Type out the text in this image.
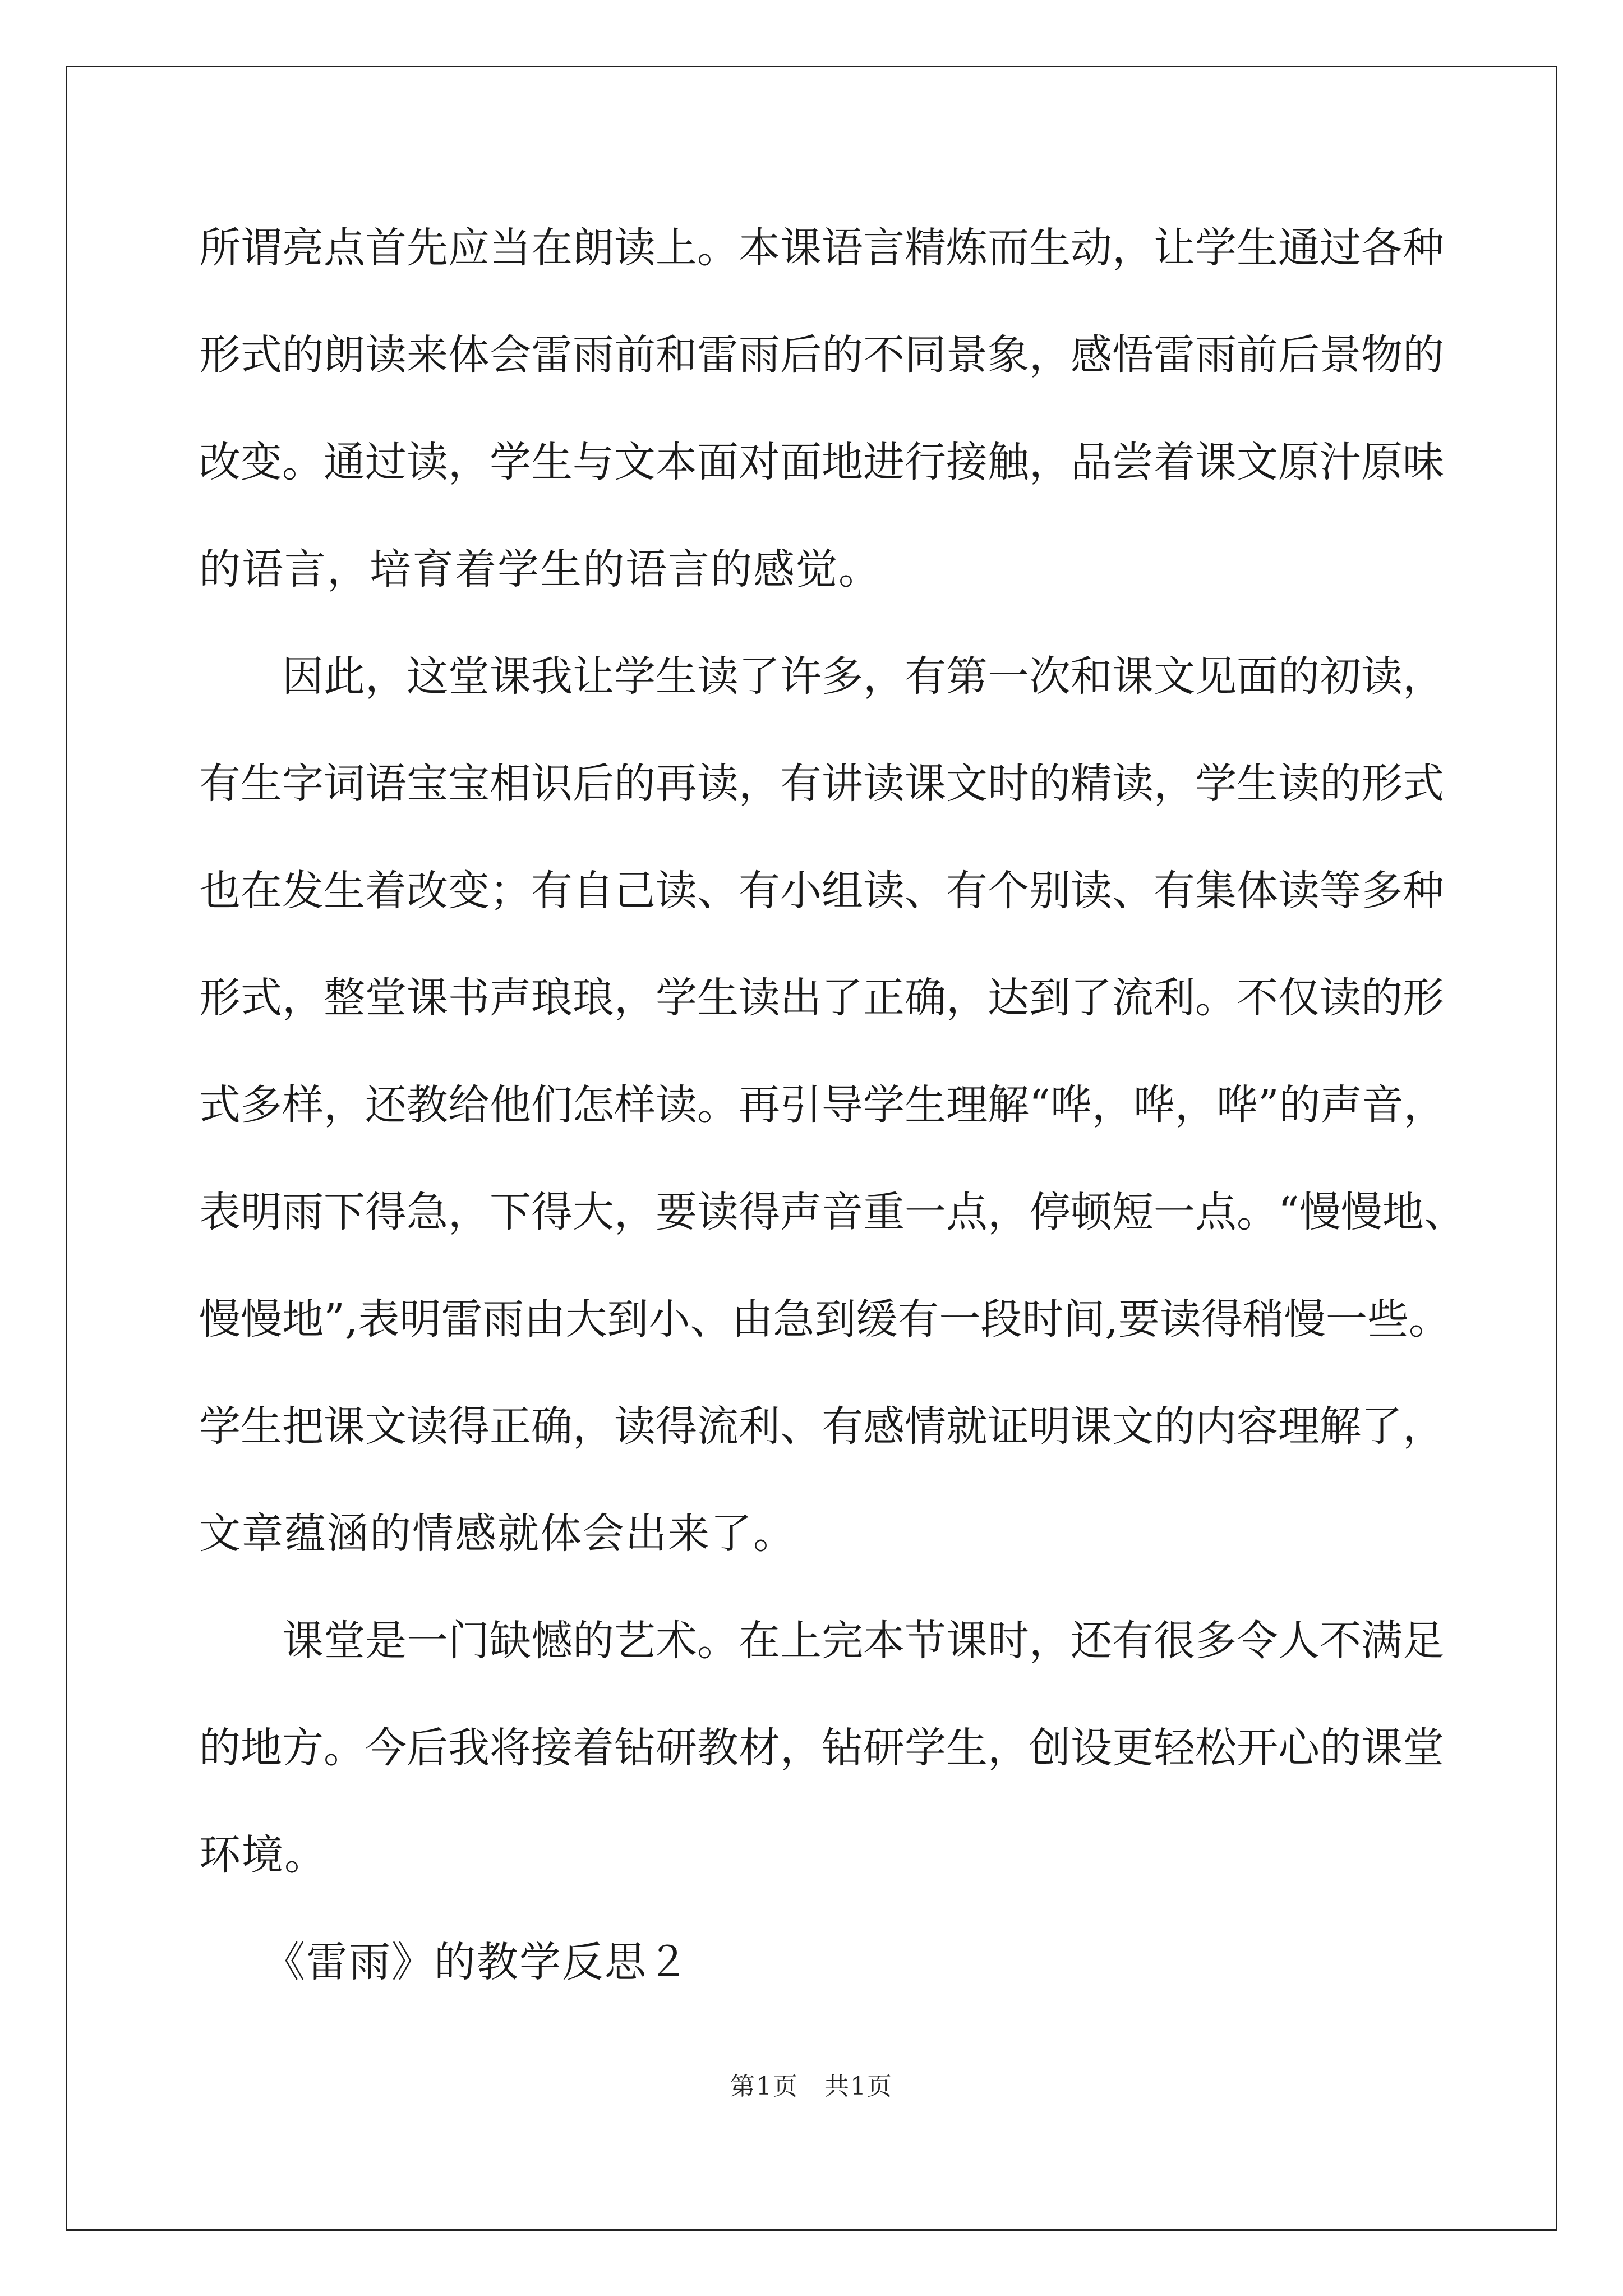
所谓亮点首先应当在朗读上。本课语言精炼而生动，让学生通过各种
形式的朗读来体会雷雨前和雷雨后的不同景象，感悟雷雨前后景物的
改变。通过读，学生与文本面对面地进行接触，品尝着课文原汁原味
的语言，培育着学生的语言的感觉。
　　因此，这堂课我让学生读了许多，有第一次和课文见面的初读，
有生字词语宝宝相识后的再读，有讲读课文时的精读，学生读的形式
也在发生着改变；有自己读、有小组读、有个别读、有集体读等多种
形式，整堂课书声琅琅，学生读出了正确，达到了流利。不仅读的形
式多样，还教给他们怎样读。再引导学生理解“哗，哗，哗”的声音，
表明雨下得急，下得大，要读得声音重一点，停顿短一点。“慢慢地、
慢慢地”,表明雷雨由大到小、由急到缓有一段时间,要读得稍慢一些。
学生把课文读得正确，读得流利、有感情就证明课文的内容理解了，
文章蕴涵的情感就体会出来了。
　　课堂是一门缺憾的艺术。在上完本节课时，还有很多令人不满足
的地方。今后我将接着钻研教材，钻研学生，创设更轻松开心的课堂
环境。
　　《雷雨》的教学反思２
第1页　共1页
